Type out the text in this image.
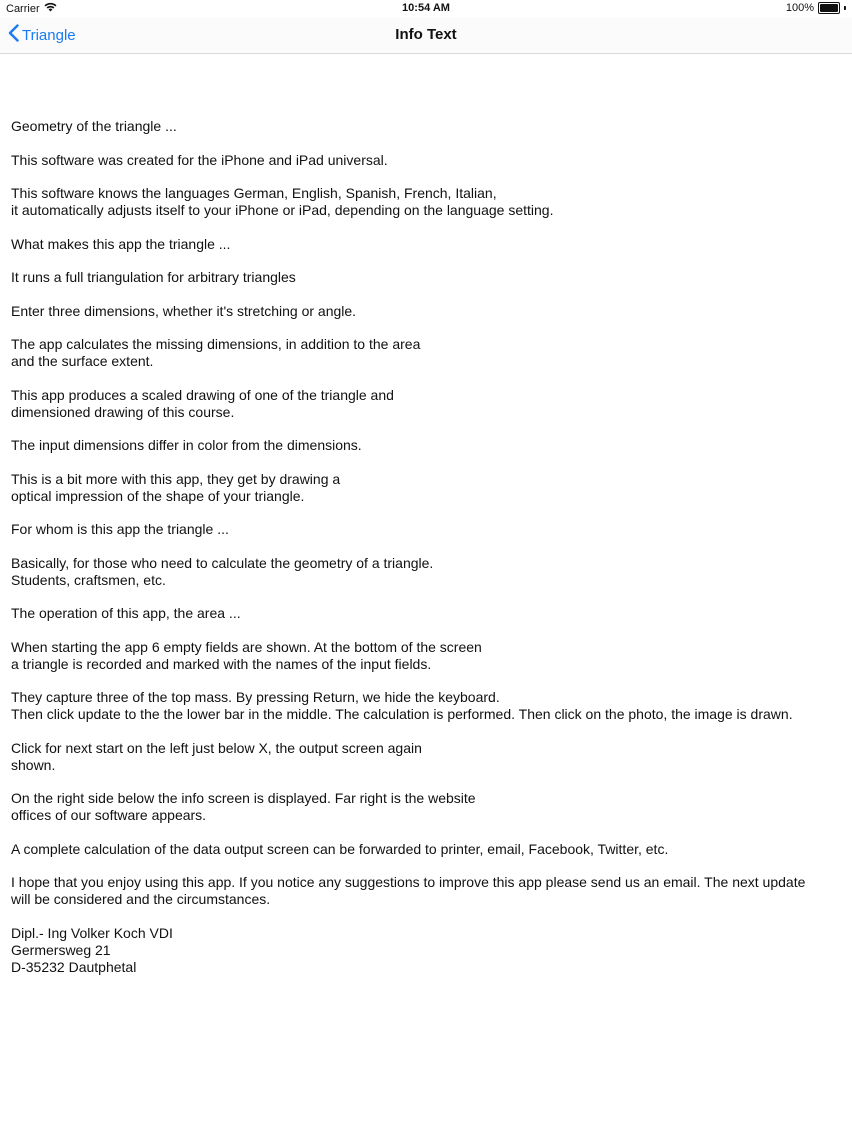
Carrier	10:54 AM	100%
Triangle	Info Text
Geometry of the triangle ...
This software was created for the iPhone and iPad universal.
This software knows the languages German, English, Spanish, French, Italian,
it automatically adjusts itself to your iPhone or iPad, depending on the language setting.
What makes this app the triangle ...
It runs a full triangulation for arbitrary triangles
Enter three dimensions, whether it's stretching or angle.
The app calculates the missing dimensions, in addition to the area
and the surface extent.
This app produces a scaled drawing of one of the triangle and
dimensioned drawing of this course.
The input dimensions differ in color from the dimensions.
This is a bit more with this app, they get by drawing a
optical impression of the shape of your triangle.
For whom is this app the triangle ...
Basically, for those who need to calculate the geometry of a triangle.
Students, craftsmen, etc.
The operation of this app, the area ...
When starting the app 6 empty fields are shown. At the bottom of the screen
a triangle is recorded and marked with the names of the input fields.
They capture three of the top mass. By pressing Return, we hide the keyboard.
Then click update to the the lower bar in the middle. The calculation is performed. Then click on the photo, the image is drawn.
Click for next start on the left just below X, the output screen again
shown.
On the right side below the info screen is displayed. Far right is the website
offices of our software appears.
A complete calculation of the data output screen can be forwarded to printer, email, Facebook, Twitter, etc.
I hope that you enjoy using this app. If you notice any suggestions to improve this app please send us an email. The next update
will be considered and the circumstances.
Dipl.- Ing Volker Koch VDI
Germersweg 21
D-35232 Dautphetal
